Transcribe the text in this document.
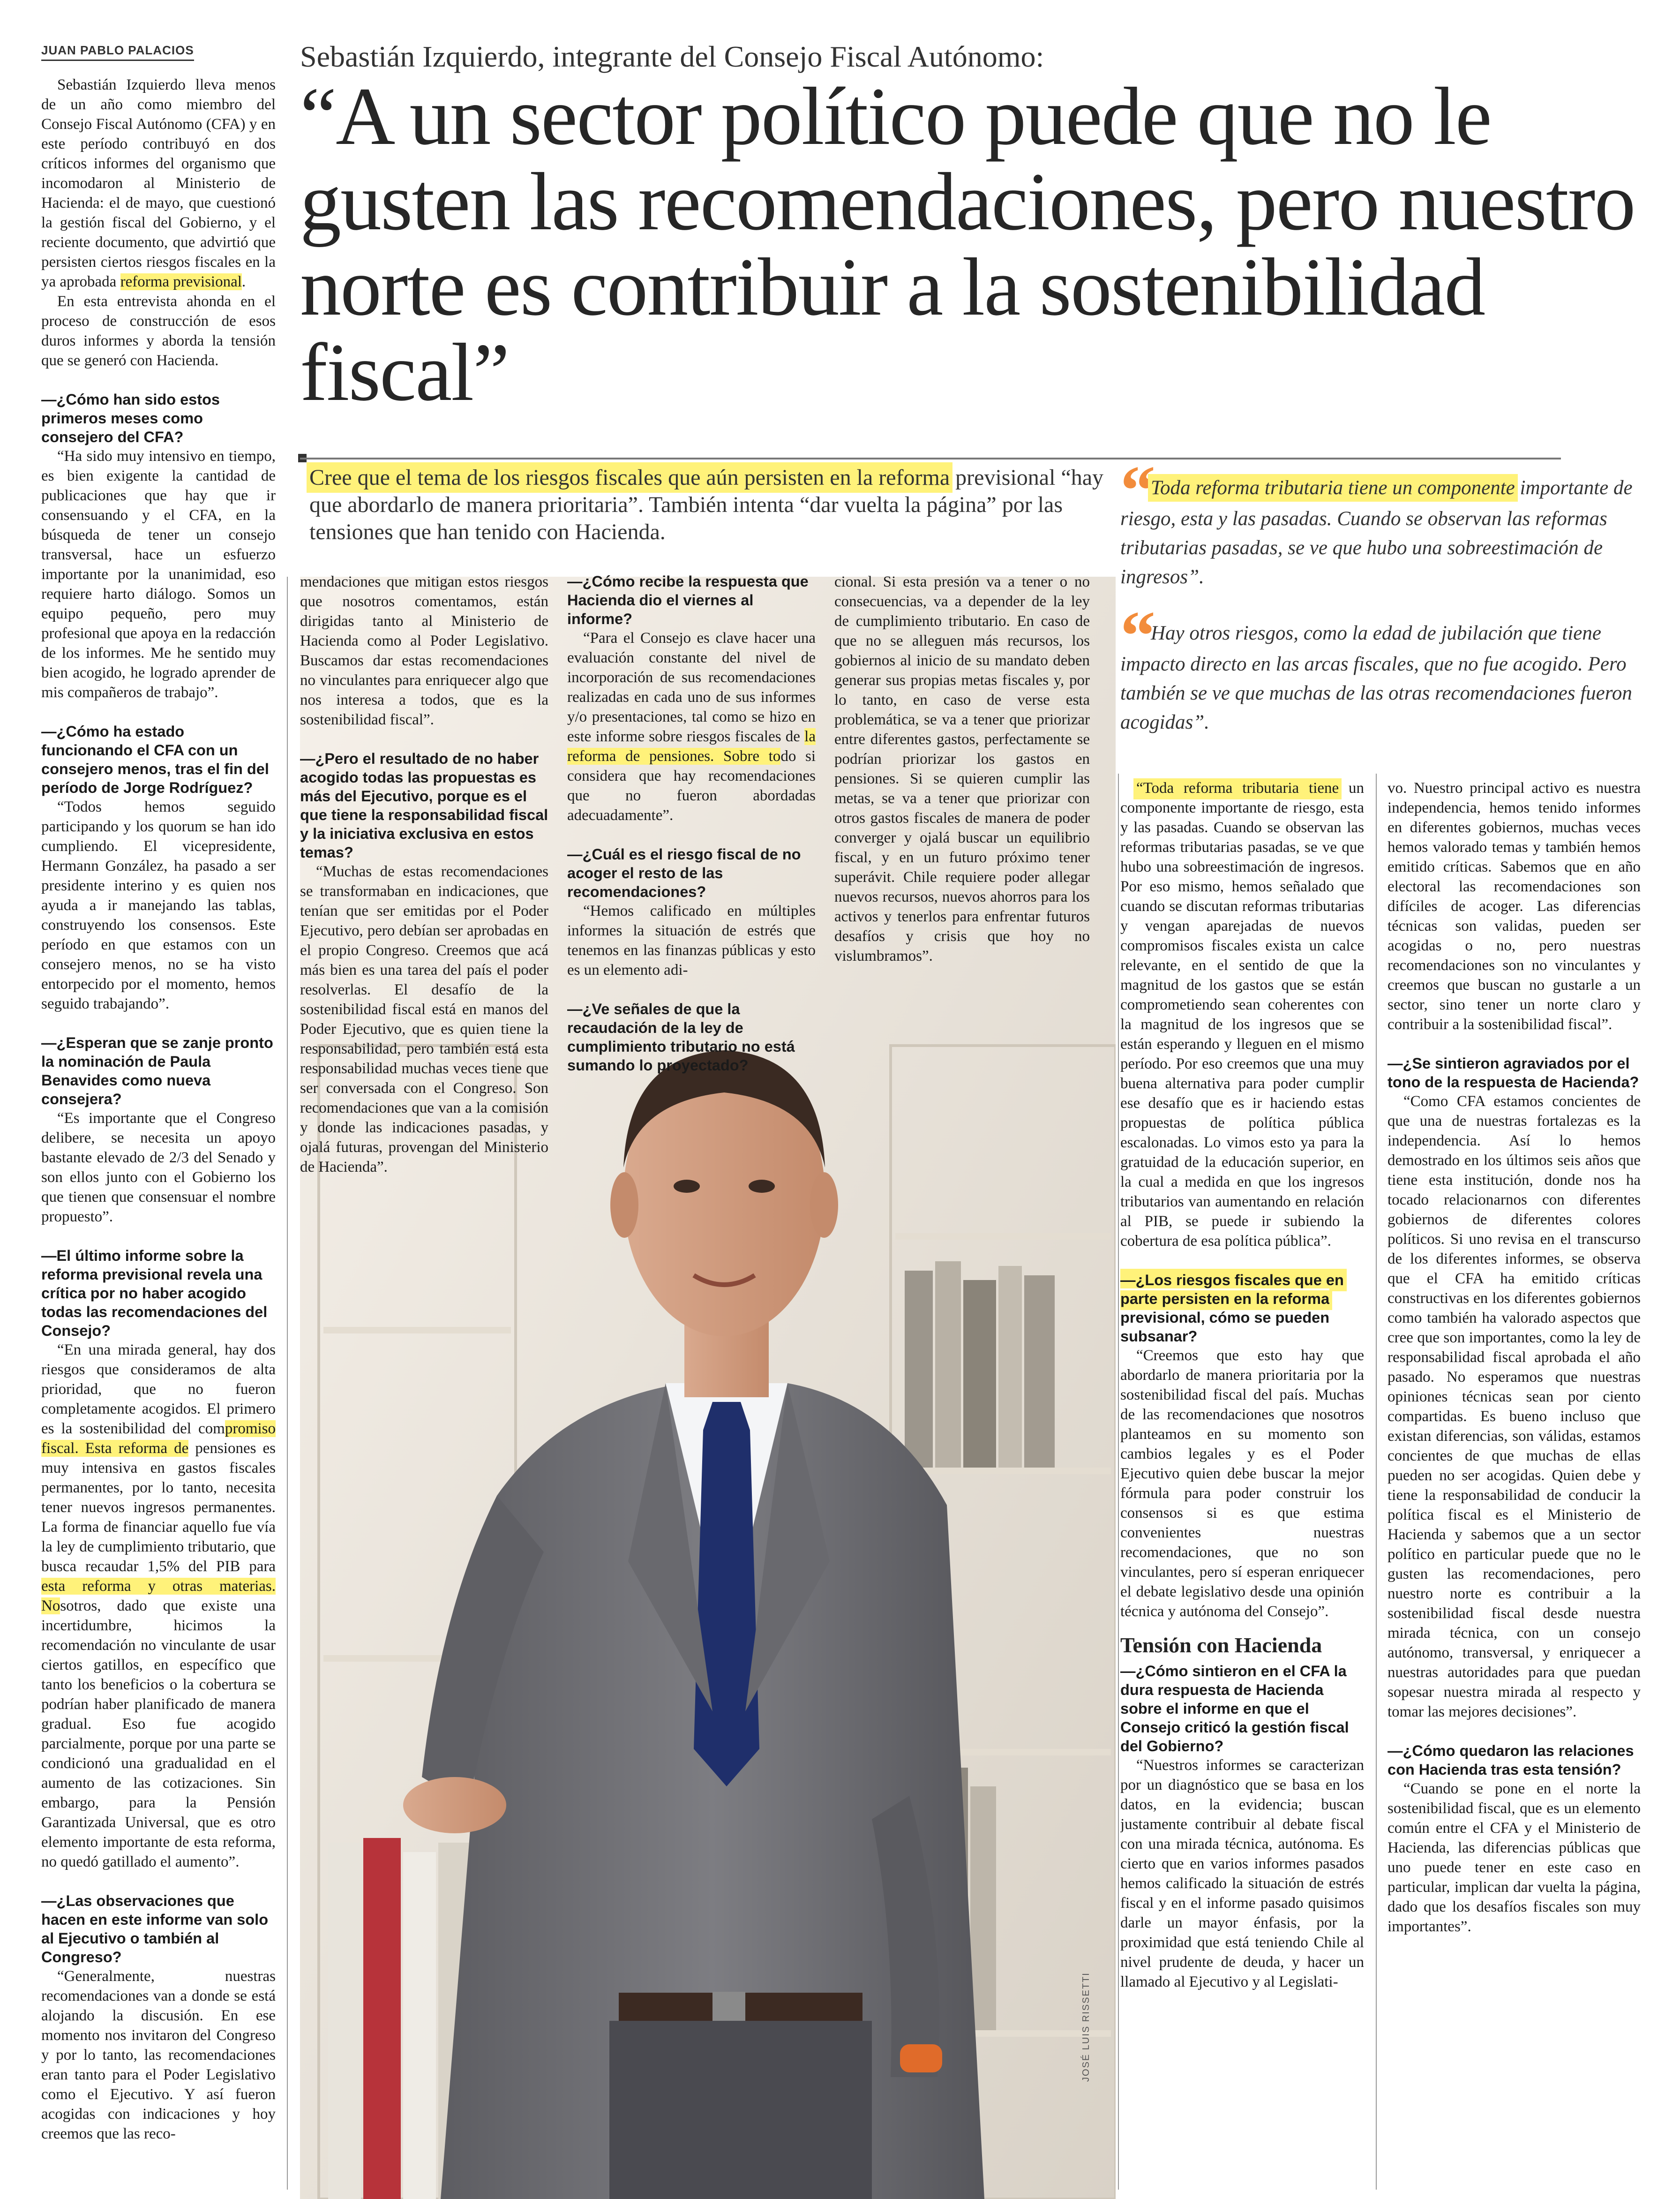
JUAN PABLO PALACIOS	Sebastián Izquierdo, integrante del Consejo Fiscal Autónomo:
“A un sector político puede que no le gusten las recomendaciones, pero nuestro norte es contribuir a la sostenibilidad fiscal”
Cree que el tema de los riesgos fiscales que aún persisten en la reforma previsional “hay que abordarlo de manera prioritaria”. También intenta “dar vuelta la página” por las tensiones que han tenido con Hacienda.
“ Toda reforma tributaria tiene un componente importante de riesgo, esta y las pasadas. Cuando se observan las reformas tributarias pasadas, se ve que hubo una sobreestimación de ingresos”.
“ Hay otros riesgos, como la edad de jubilación que tiene impacto directo en las arcas fiscales, que no fue acogido. Pero también se ve que muchas de las otras recomendaciones fueron acogidas”.
JOSÉ LUIS RISSETTI

Sebastián Izquierdo lleva menos de un año como miembro del Consejo Fiscal Autónomo (CFA) y en este período contribuyó en dos críticos informes del organismo que incomodaron al Ministerio de Hacienda: el de mayo, que cuestionó la gestión fiscal del Gobierno, y el reciente documento, que advirtió que persisten ciertos riesgos fiscales en la ya aprobada reforma previsional.

En esta entrevista ahonda en el proceso de construcción de esos duros informes y aborda la tensión que se generó con Hacienda.

—¿Cómo han sido estos primeros meses como consejero del CFA?

“Ha sido muy intensivo en tiempo, es bien exigente la cantidad de publicaciones que hay que ir consensuando y el CFA, en la búsqueda de tener un consejo transversal, hace un esfuerzo importante por la unanimidad, eso requiere harto diálogo. Somos un equipo pequeño, pero muy profesional que apoya en la redacción de los informes. Me he sentido muy bien acogido, he logrado aprender de mis compañeros de trabajo”.

—¿Cómo ha estado funcionando el CFA con un consejero menos, tras el fin del período de Jorge Rodríguez?

“Todos hemos seguido participando y los quorum se han ido cumpliendo. El vicepresidente, Hermann González, ha pasado a ser presidente interino y es quien nos ayuda a ir manejando las tablas, construyendo los consensos. Este período en que estamos con un consejero menos, no se ha visto entorpecido por el momento, hemos seguido trabajando”.

—¿Esperan que se zanje pronto la nominación de Paula Benavides como nueva consejera?

“Es importante que el Congreso delibere, se necesita un apoyo bastante elevado de 2/3 del Senado y son ellos junto con el Gobierno los que tienen que consensuar el nombre propuesto”.

—El último informe sobre la reforma previsional revela una crítica por no haber acogido todas las recomendaciones del Consejo?

“En una mirada general, hay dos riesgos que consideramos de alta prioridad, que no fueron completamente acogidos. El primero es la sostenibilidad del compromiso fiscal. Esta reforma de pensiones es muy intensiva en gastos fiscales permanentes, por lo tanto, necesita tener nuevos ingresos permanentes. La forma de financiar aquello fue vía la ley de cumplimiento tributario, que busca recaudar 1,5% del PIB para esta reforma y otras materias. Nosotros, dado que existe una incertidumbre, hicimos la recomendación no vinculante de usar ciertos gatillos, en específico que tanto los beneficios o la cobertura se podrían haber planificado de manera gradual. Eso fue acogido parcialmente, porque por una parte se condicionó una gradualidad en el aumento de las cotizaciones. Sin embargo, para la Pensión Garantizada Universal, que es otro elemento importante de esta reforma, no quedó gatillado el aumento”.

—¿Las observaciones que hacen en este informe van solo al Ejecutivo o también al Congreso?

“Generalmente, nuestras recomendaciones van a donde se está alojando la discusión. En ese momento nos invitaron del Congreso y por lo tanto, las recomendaciones eran tanto para el Poder Legislativo como el Ejecutivo. Y así fueron acogidas con indicaciones y hoy creemos que las reco-

mendaciones que mitigan estos riesgos que nosotros comentamos, están dirigidas tanto al Ministerio de Hacienda como al Poder Legislativo. Buscamos dar estas recomendaciones no vinculantes para enriquecer algo que nos interesa a todos, que es la sostenibilidad fiscal”.

—¿Pero el resultado de no haber acogido todas las propuestas es más del Ejecutivo, porque es el que tiene la responsabilidad fiscal y la iniciativa exclusiva en estos temas?

“Muchas de estas recomendaciones se transformaban en indicaciones, que tenían que ser emitidas por el Poder Ejecutivo, pero debían ser aprobadas en el propio Congreso. Creemos que acá más bien es una tarea del país el poder resolverlas. El desafío de la sostenibilidad fiscal está en manos del Poder Ejecutivo, que es quien tiene la responsabilidad, pero también está esta responsabilidad muchas veces tiene que ser conversada con el Congreso. Son recomendaciones que van a la comisión y donde las indicaciones pasadas, y ojalá futuras, provengan del Ministerio de Hacienda”.

—¿Cómo recibe la respuesta que Hacienda dio el viernes al informe?

“Para el Consejo es clave hacer una evaluación constante del nivel de incorporación de sus recomendaciones realizadas en cada uno de sus informes y/o presentaciones, tal como se hizo en este informe sobre riesgos fiscales de la reforma de pensiones. Sobre todo si considera que hay recomendaciones que no fueron abordadas adecuadamente”.

—¿Cuál es el riesgo fiscal de no acoger el resto de las recomendaciones?

“Hemos calificado en múltiples informes la situación de estrés que tenemos en las finanzas públicas y esto es un elemento adi-

—¿Ve señales de que la recaudación de la ley de cumplimiento tributario no está sumando lo proyectado?

cional. Si esta presión va a tener o no consecuencias, va a depender de la ley de cumplimiento tributario. En caso de que no se alleguen más recursos, los gobiernos al inicio de su mandato deben generar sus propias metas fiscales y, por lo tanto, en caso de verse esta problemática, se va a tener que priorizar entre diferentes gastos, perfectamente se podrían priorizar los gastos en pensiones. Si se quieren cumplir las metas, se va a tener que priorizar con otros gastos fiscales de manera de poder converger y ojalá buscar un equilibrio fiscal, y en un futuro próximo tener superávit. Chile requiere poder allegar nuevos recursos, nuevos ahorros para los activos y tenerlos para enfrentar futuros desafíos y crisis que hoy no vislumbramos”.

“Toda reforma tributaria tiene un componente importante de riesgo, esta y las pasadas. Cuando se observan las reformas tributarias pasadas, se ve que hubo una sobreestimación de ingresos. Por eso mismo, hemos señalado que cuando se discutan reformas tributarias y vengan aparejadas de nuevos compromisos fiscales exista un calce relevante, en el sentido de que la magnitud de los gastos que se están comprometiendo sean coherentes con la magnitud de los ingresos que se están esperando y lleguen en el mismo período. Por eso creemos que una muy buena alternativa para poder cumplir ese desafío que es ir haciendo estas propuestas de política pública escalonadas. Lo vimos esto ya para la gratuidad de la educación superior, en la cual a medida en que los ingresos tributarios van aumentando en relación al PIB, se puede ir subiendo la cobertura de esa política pública”.

—¿Los riesgos fiscales que en parte persisten en la reforma previsional, cómo se pueden subsanar?

“Creemos que esto hay que abordarlo de manera prioritaria por la sostenibilidad fiscal del país. Muchas de las recomendaciones que nosotros planteamos en su momento son cambios legales y es el Poder Ejecutivo quien debe buscar la mejor fórmula para poder construir los consensos si es que estima convenientes nuestras recomendaciones, que no son vinculantes, pero sí esperan enriquecer el debate legislativo desde una opinión técnica y autónoma del Consejo”.

Tensión con Hacienda

—¿Cómo sintieron en el CFA la dura respuesta de Hacienda sobre el informe en que el Consejo criticó la gestión fiscal del Gobierno?

“Nuestros informes se caracterizan por un diagnóstico que se basa en los datos, en la evidencia; buscan justamente contribuir al debate fiscal con una mirada técnica, autónoma. Es cierto que en varios informes pasados hemos calificado la situación de estrés fiscal y en el informe pasado quisimos darle un mayor énfasis, por la proximidad que está teniendo Chile al nivel prudente de deuda, y hacer un llamado al Ejecutivo y al Legislati-

vo. Nuestro principal activo es nuestra independencia, hemos tenido informes en diferentes gobiernos, muchas veces hemos valorado temas y también hemos emitido críticas. Sabemos que en año electoral las recomendaciones son difíciles de acoger. Las diferencias técnicas son validas, pueden ser acogidas o no, pero nuestras recomendaciones son no vinculantes y creemos que buscan no gustarle a un sector, sino tener un norte claro y contribuir a la sostenibilidad fiscal”.

—¿Se sintieron agraviados por el tono de la respuesta de Hacienda?

“Como CFA estamos concientes de que una de nuestras fortalezas es la independencia. Así lo hemos demostrado en los últimos seis años que tiene esta institución, donde nos ha tocado relacionarnos con diferentes gobiernos de diferentes colores políticos. Si uno revisa en el transcurso de los diferentes informes, se observa que el CFA ha emitido críticas constructivas en los diferentes gobiernos como también ha valorado aspectos que cree que son importantes, como la ley de responsabilidad fiscal aprobada el año pasado. No esperamos que nuestras opiniones técnicas sean por ciento compartidas. Es bueno incluso que existan diferencias, son válidas, estamos concientes de que muchas de ellas pueden no ser acogidas. Quien debe y tiene la responsabilidad de conducir la política fiscal es el Ministerio de Hacienda y sabemos que a un sector político en particular puede que no le gusten las recomendaciones, pero nuestro norte es contribuir a la sostenibilidad fiscal desde nuestra mirada técnica, con un consejo autónomo, transversal, y enriquecer a nuestras autoridades para que puedan sopesar nuestra mirada al respecto y tomar las mejores decisiones”.

—¿Cómo quedaron las relaciones con Hacienda tras esta tensión?

“Cuando se pone en el norte la sostenibilidad fiscal, que es un elemento común entre el CFA y el Ministerio de Hacienda, las diferencias públicas que uno puede tener en este caso en particular, implican dar vuelta la página, dado que los desafíos fiscales son muy importantes”.
